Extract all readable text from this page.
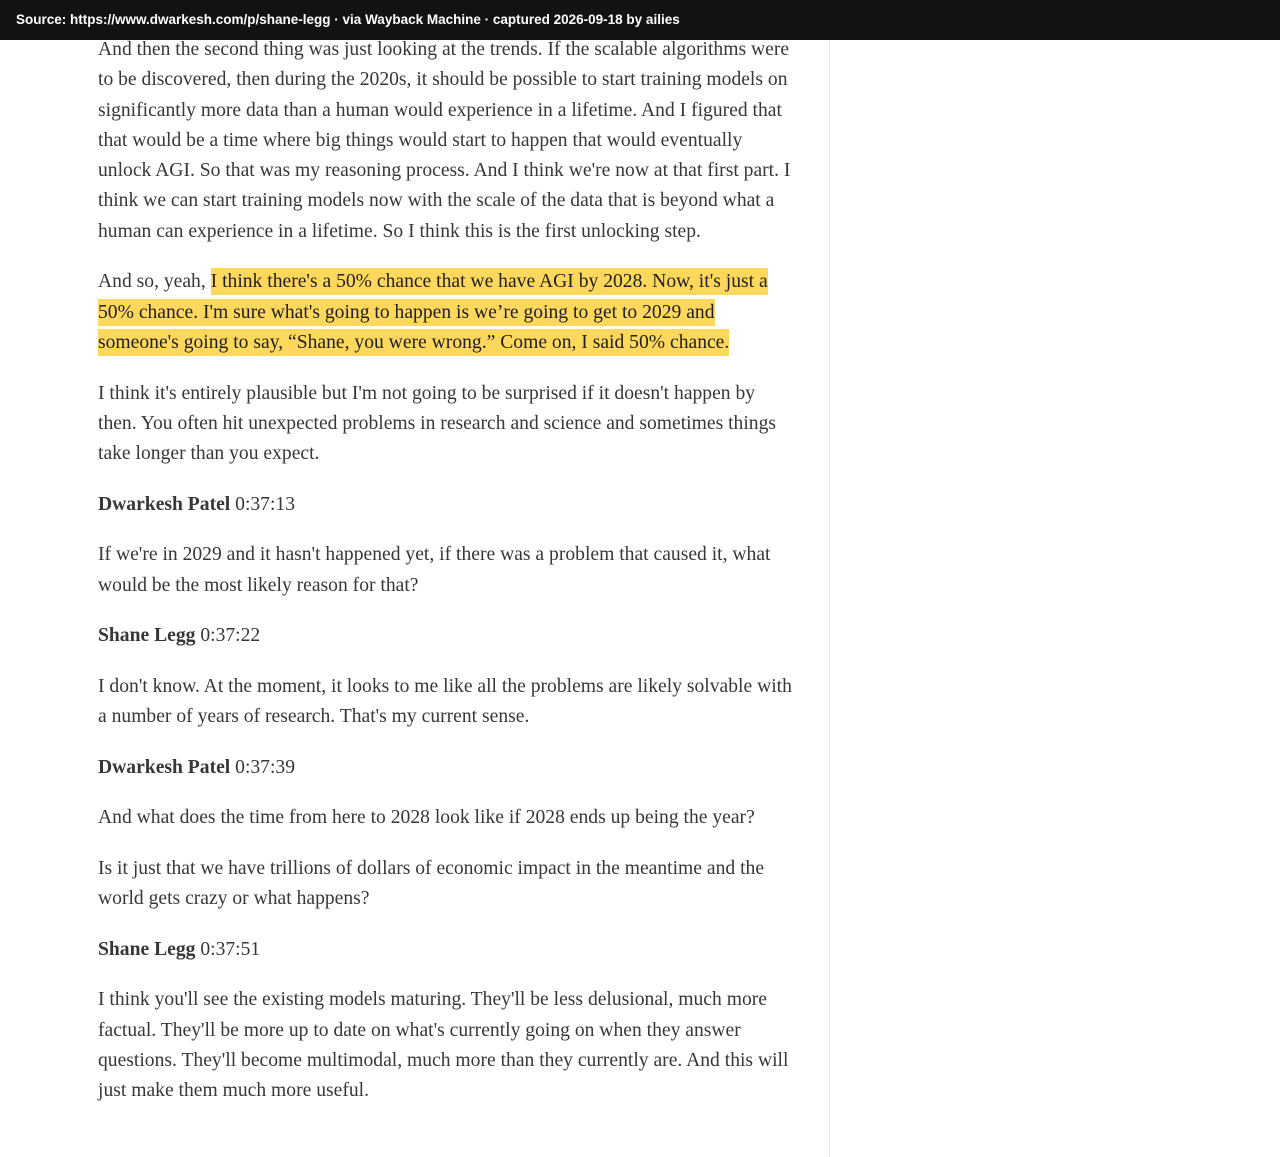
Source: https://www.dwarkesh.com/p/shane-legg · via Wayback Machine · captured 2026-09-18 by ailies

And then the second thing was just looking at the trends. If the scalable algorithms were to be discovered, then during the 2020s, it should be possible to start training models on significantly more data than a human would experience in a lifetime. And I figured that that would be a time where big things would start to happen that would eventually unlock AGI. So that was my reasoning process. And I think we're now at that first part. I think we can start training models now with the scale of the data that is beyond what a human can experience in a lifetime. So I think this is the first unlocking step.

And so, yeah, I think there's a 50% chance that we have AGI by 2028. Now, it's just a 50% chance. I'm sure what's going to happen is we’re going to get to 2029 and someone's going to say, “Shane, you were wrong.” Come on, I said 50% chance.

I think it's entirely plausible but I'm not going to be surprised if it doesn't happen by then. You often hit unexpected problems in research and science and sometimes things take longer than you expect.

Dwarkesh Patel 0:37:13

If we're in 2029 and it hasn't happened yet, if there was a problem that caused it, what would be the most likely reason for that?

Shane Legg 0:37:22

I don't know. At the moment, it looks to me like all the problems are likely solvable with a number of years of research. That's my current sense.

Dwarkesh Patel 0:37:39

And what does the time from here to 2028 look like if 2028 ends up being the year?

Is it just that we have trillions of dollars of economic impact in the meantime and the world gets crazy or what happens?

Shane Legg 0:37:51

I think you'll see the existing models maturing. They'll be less delusional, much more factual. They'll be more up to date on what's currently going on when they answer questions. They'll become multimodal, much more than they currently are. And this will just make them much more useful.
